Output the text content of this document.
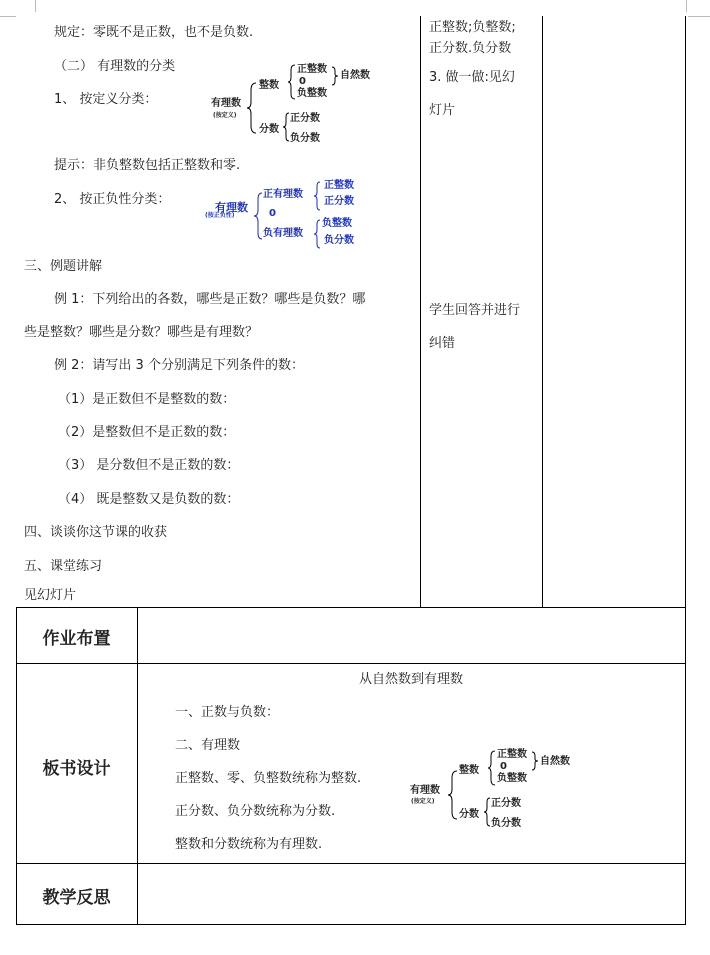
规定：零既不是正数，也不是负数.
（二） 有理数的分类
1、 按定义分类：	有理数
(按定义)
整数
正整数
0
负整数
自然数
分数
正分数
负分数
提示：非负整数包括正整数和零.
2、 按正负性分类：
有理数
(按正负性)
正有理数
0
负有理数
正整数
正分数
负整数
负分数
三、例题讲解
例 1：下列给出的各数，哪些是正数？哪些是负数？哪
些是整数？哪些是分数？哪些是有理数？
例 2：请写出 3 个分别满足下列条件的数：
（1）是正数但不是整数的数：
（2）是整数但不是正数的数：
（3） 是分数但不是正数的数：
（4） 既是整数又是负数的数：
四、谈谈你这节课的收获
五、课堂练习
见幻灯片
正整数;负整数;
正分数.负分数
3. 做一做:见幻
灯片
学生回答并进行
纠错
作业布置
板书设计
教学反思
从自然数到有理数
一、正数与负数：
二、有理数
正整数、零、负整数统称为整数.
正分数、负分数统称为分数.
整数和分数统称为有理数.
有理数
(按定义)
整数
正整数
0
负整数
自然数
分数
正分数
负分数
